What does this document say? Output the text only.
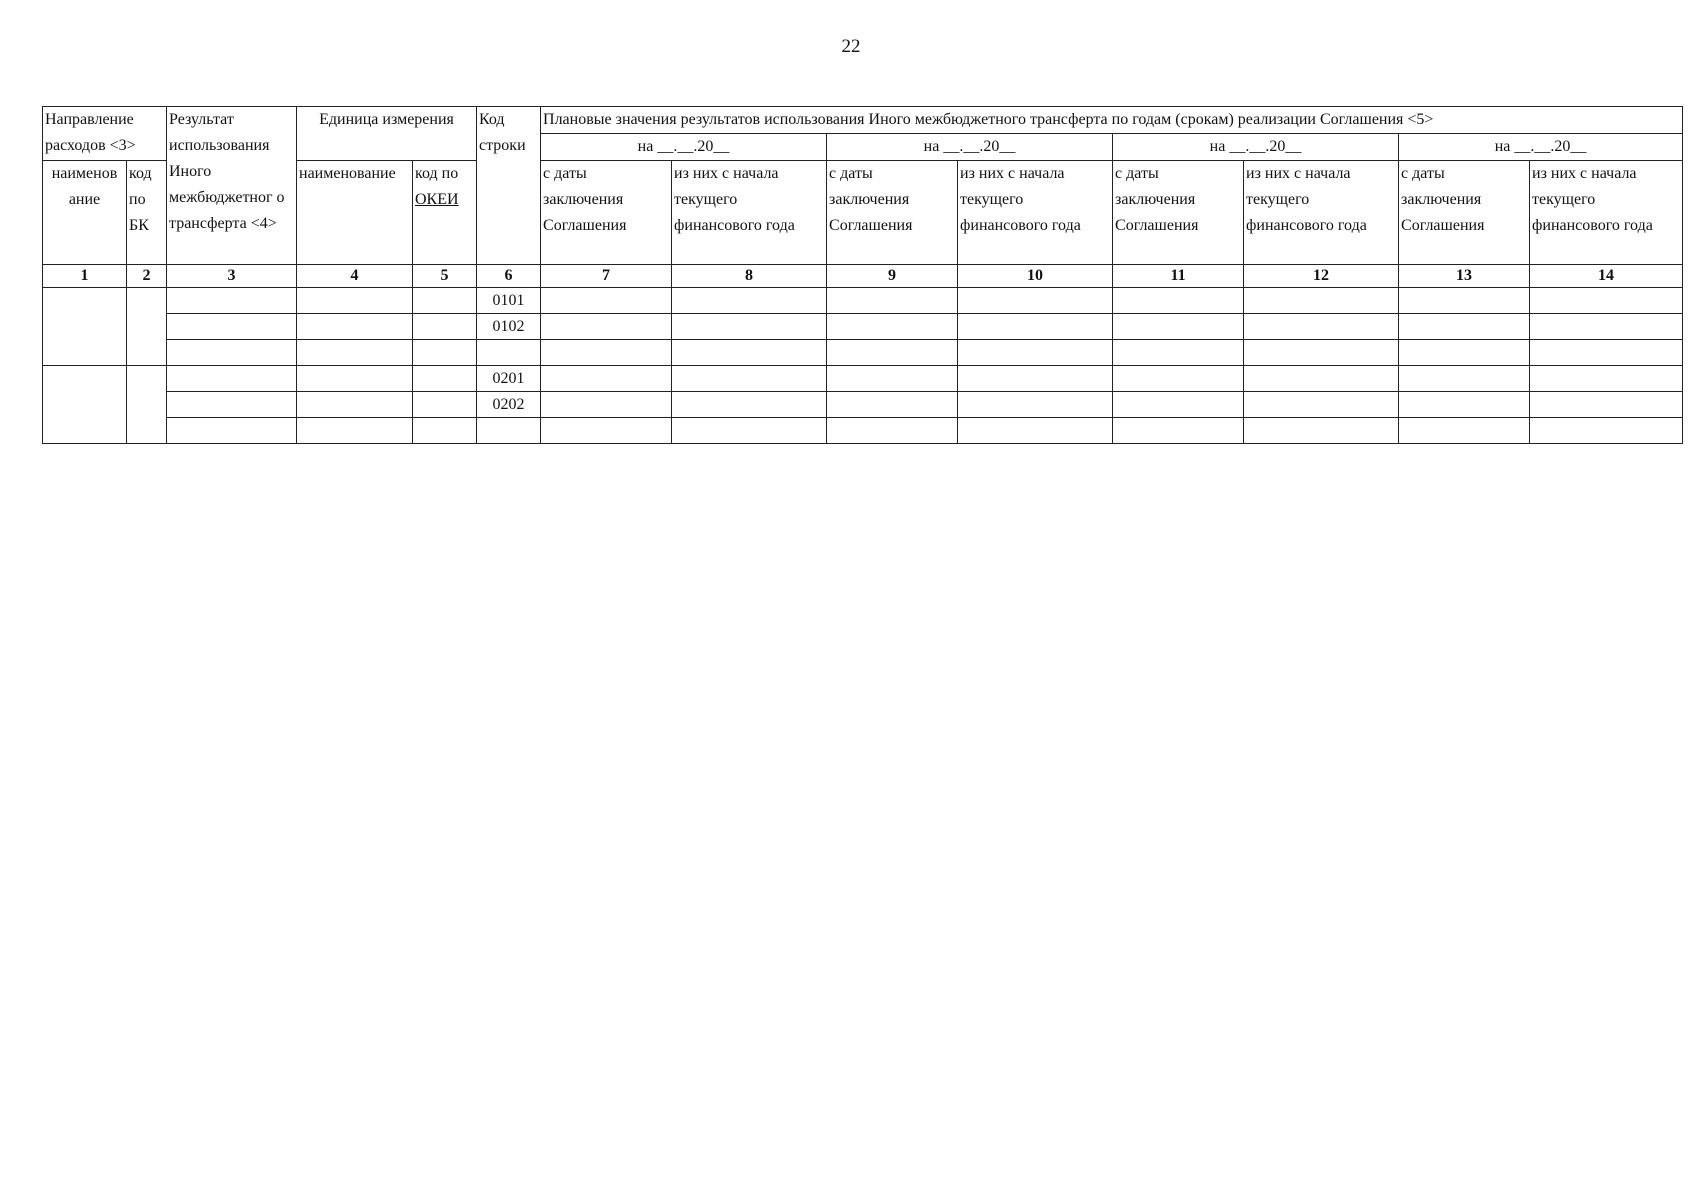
22
Направление расходов <3>		Результат использования Иного межбюджетног о трансферта <4>	Единица измерения		Код строки	Плановые значения результатов использования Иного межбюджетного трансферта по годам (срокам) реализации Соглашения <5>							
						на __.__.20__		на __.__.20__		на __.__.20__		на __.__.20__	
наименов ание	код по БК		наименование	код по ОКЕИ		с даты заключения Соглашения	из них с начала текущего финансового года	с даты заключения Соглашения	из них с начала текущего финансового года	с даты заключения Соглашения	из них с начала текущего финансового года	с даты заключения Соглашения	из них с начала текущего финансового года
1	2	3	4	5	6	7	8	9	10	11	12	13	14
					0101								
					0102								

					0201								
					0202								
